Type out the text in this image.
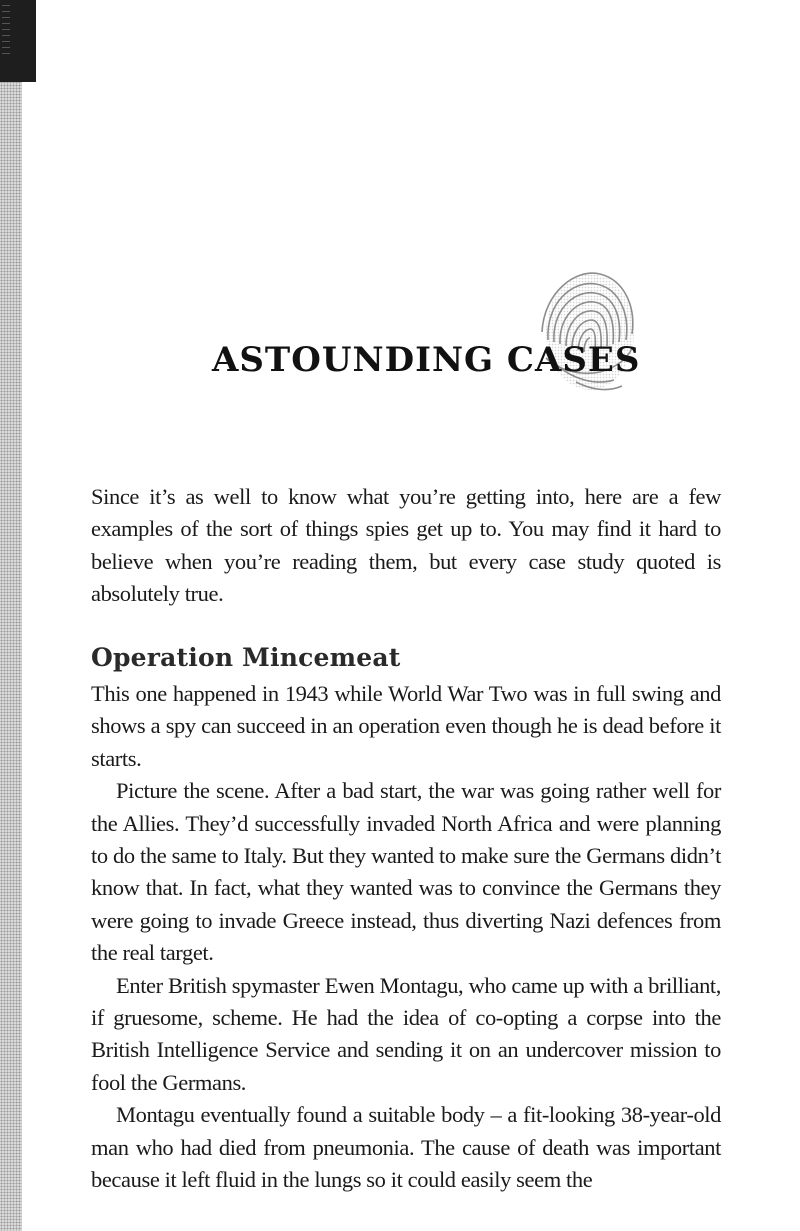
ASTOUNDING CASES

Since it’s as well to know what you’re getting into, here are a few examples of the sort of things spies get up to. You may find it hard to believe when you’re reading them, but every case study quoted is absolutely true.

Operation Mincemeat

This one happened in 1943 while World War Two was in full swing and shows a spy can succeed in an operation even though he is dead before it starts.

Picture the scene. After a bad start, the war was going rather well for the Allies. They’d successfully invaded North Africa and were planning to do the same to Italy. But they wanted to make sure the Germans didn’t know that. In fact, what they wanted was to convince the Germans they were going to invade Greece instead, thus diverting Nazi defences from the real target.

Enter British spymaster Ewen Montagu, who came up with a brilliant, if gruesome, scheme. He had the idea of co-opting a corpse into the British Intelligence Service and sending it on an undercover mission to fool the Germans.

Montagu eventually found a suitable body – a fit-looking 38-year-old man who had died from pneumonia. The cause of death was important because it left fluid in the lungs so it could easily seem the
